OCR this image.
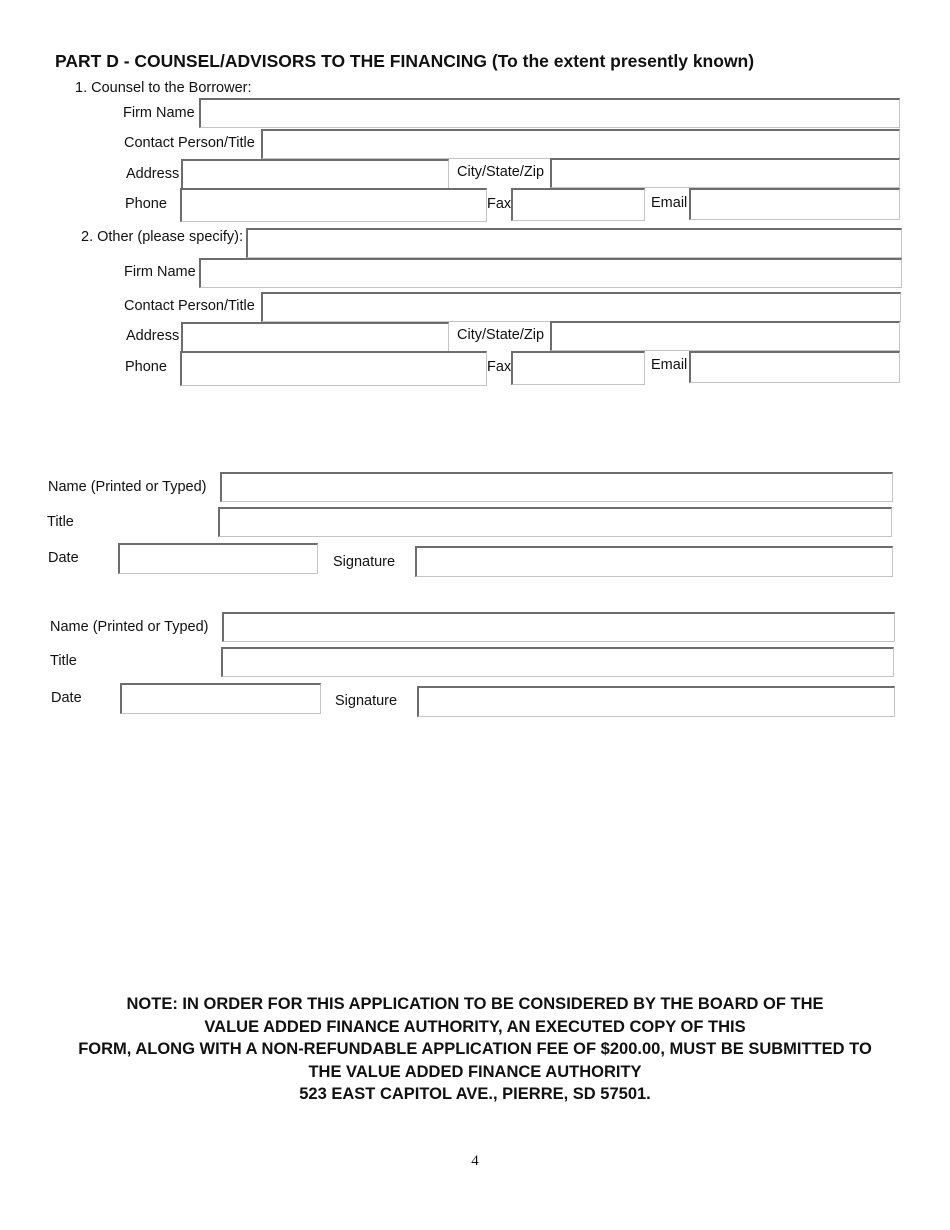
PART D - COUNSEL/ADVISORS TO THE FINANCING (To the extent presently known)
1. Counsel to the Borrower:
Firm Name
Contact Person/Title
Address	City/State/Zip
Phone	Fax	Email
2. Other (please specify):
Firm Name
Contact Person/Title
Address	City/State/Zip
Phone	Fax	Email
Name (Printed or Typed)
Title
Date	Signature
Name (Printed or Typed)
Title
Date	Signature
NOTE: IN ORDER FOR THIS APPLICATION TO BE CONSIDERED BY THE BOARD OF THE
VALUE ADDED FINANCE AUTHORITY, AN EXECUTED COPY OF THIS
FORM, ALONG WITH A NON-REFUNDABLE APPLICATION FEE OF $200.00, MUST BE SUBMITTED TO
THE VALUE ADDED FINANCE AUTHORITY
523 EAST CAPITOL AVE., PIERRE, SD 57501.
4
